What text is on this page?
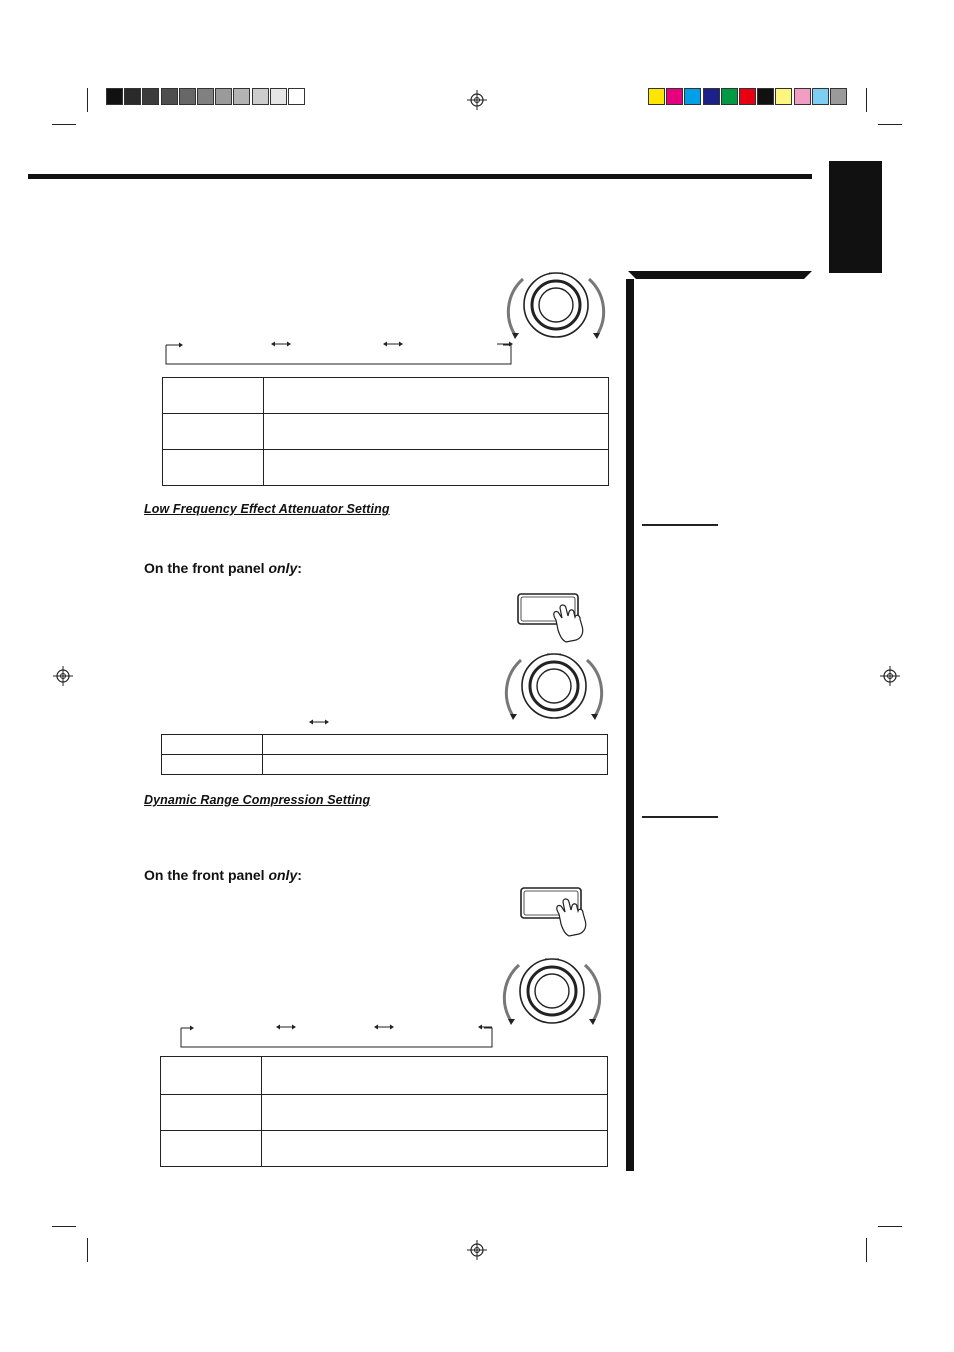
Low Frequency Effect Attenuator Setting
On the front panel only:

Dynamic Range Compression Setting
On the front panel only:
